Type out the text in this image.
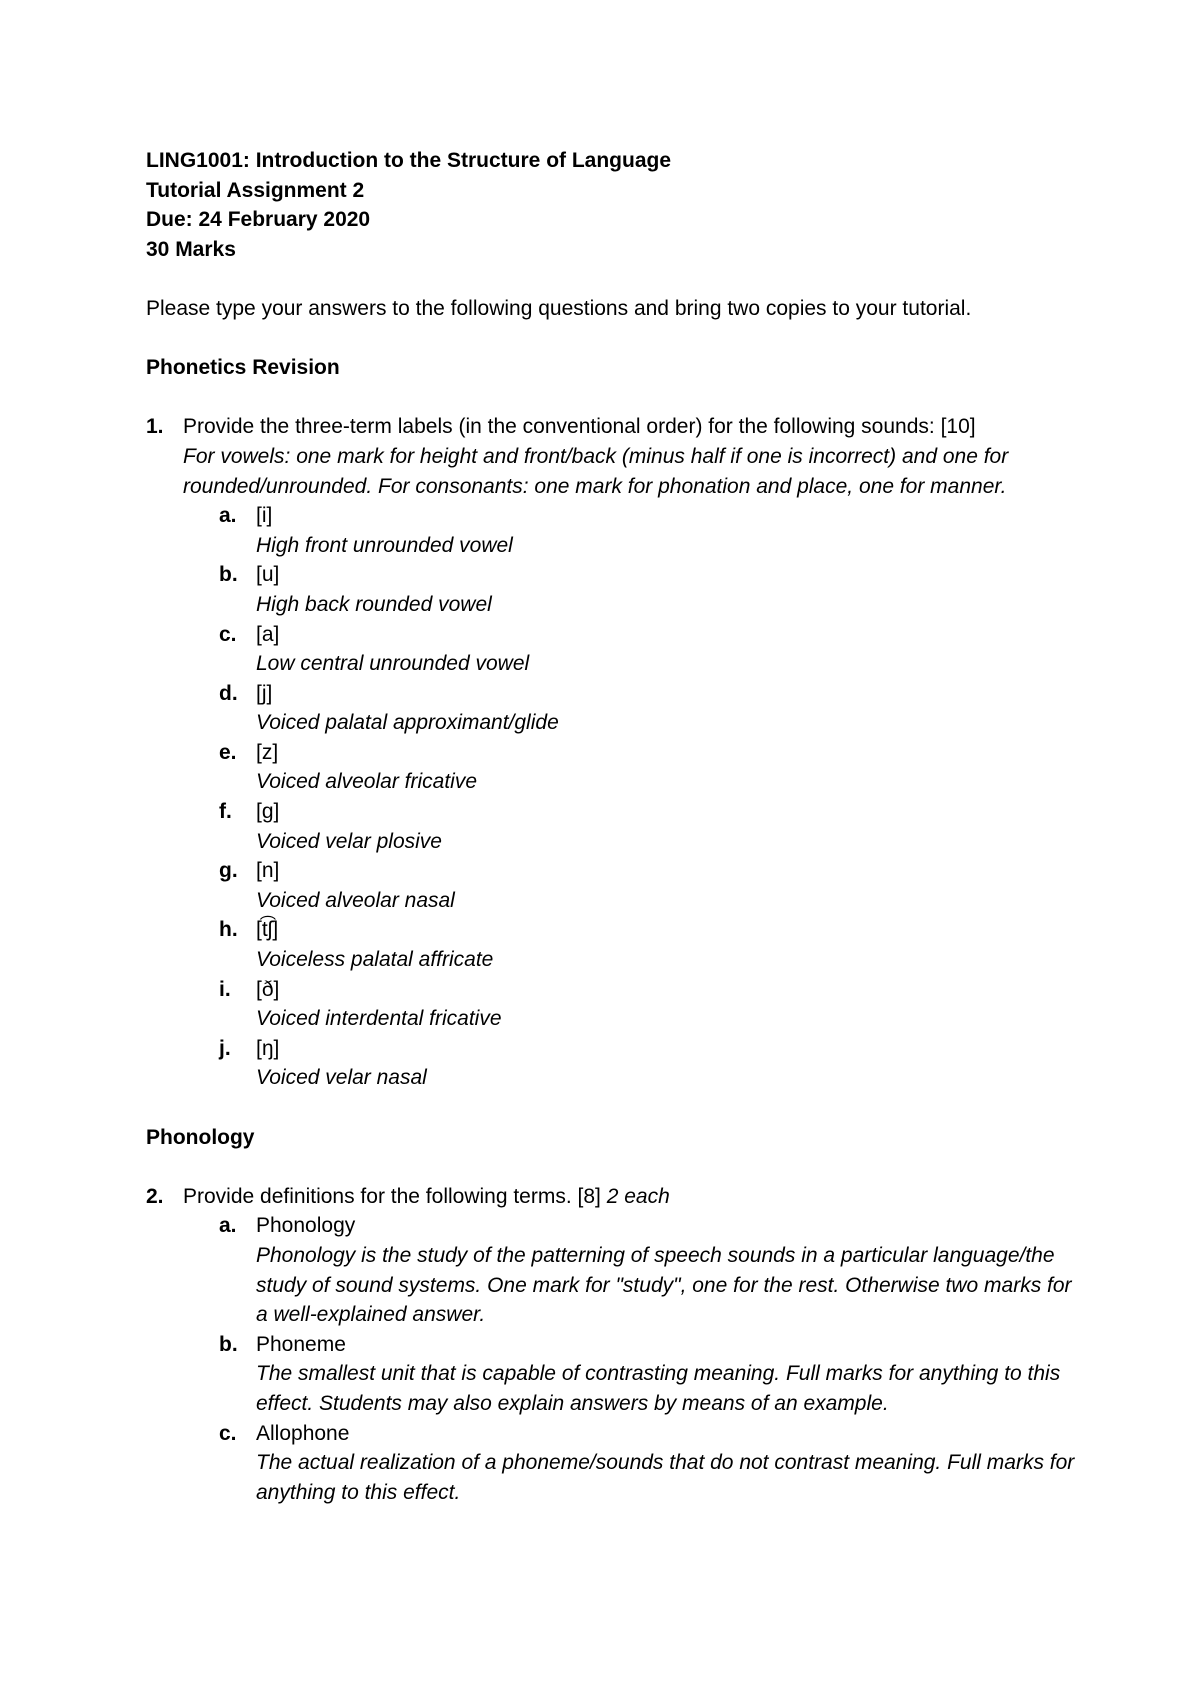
LING1001: Introduction to the Structure of Language
Tutorial Assignment 2
Due: 24 February 2020
30 Marks
Please type your answers to the following questions and bring two copies to your tutorial.
Phonetics Revision
1. Provide the three-term labels (in the conventional order) for the following sounds: [10]
For vowels: one mark for height and front/back (minus half if one is incorrect) and one for rounded/unrounded. For consonants: one mark for phonation and place, one for manner.
a. [i]
High front unrounded vowel
b. [u]
High back rounded vowel
c. [a]
Low central unrounded vowel
d. [j]
Voiced palatal approximant/glide
e. [z]
Voiced alveolar fricative
f. [g]
Voiced velar plosive
g. [n]
Voiced alveolar nasal
h. [t͡ʃ]
Voiceless palatal affricate
i. [ð]
Voiced interdental fricative
j. [ŋ]
Voiced velar nasal
Phonology
2. Provide definitions for the following terms. [8] 2 each
a. Phonology
Phonology is the study of the patterning of speech sounds in a particular language/the study of sound systems. One mark for "study", one for the rest. Otherwise two marks for a well-explained answer.
b. Phoneme
The smallest unit that is capable of contrasting meaning. Full marks for anything to this effect. Students may also explain answers by means of an example.
c. Allophone
The actual realization of a phoneme/sounds that do not contrast meaning. Full marks for anything to this effect.
